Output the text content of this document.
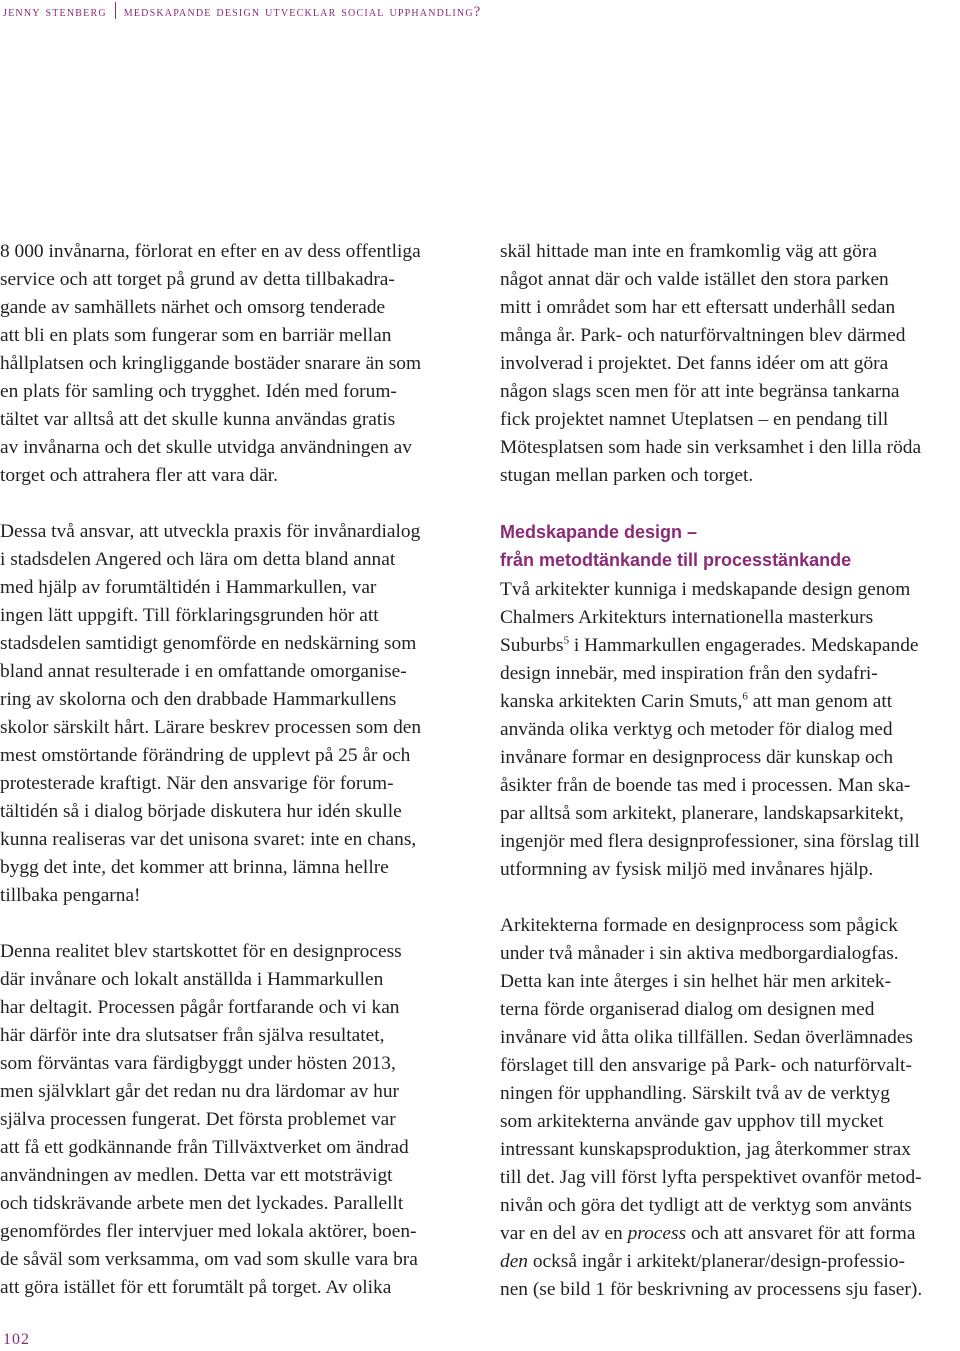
jenny stenberg medskapande design utvecklar social upphandling?

8 000 invånarna, förlorat en efter en av dess offentliga
service och att torget på grund av detta tillbakadra-
gande av samhällets närhet och omsorg tenderade
att bli en plats som fungerar som en barriär mellan
hållplatsen och kringliggande bostäder snarare än som
en plats för samling och trygghet. Idén med forum-
tältet var alltså att det skulle kunna användas gratis
av invånarna och det skulle utvidga användningen av
torget och attrahera fler att vara där.

Dessa två ansvar, att utveckla praxis för invånardialog
i stadsdelen Angered och lära om detta bland annat
med hjälp av forumtältidén i Hammarkullen, var
ingen lätt uppgift. Till förklaringsgrunden hör att
stadsdelen samtidigt genomförde en nedskärning som
bland annat resulterade i en omfattande omorganise-
ring av skolorna och den drabbade Hammarkullens
skolor särskilt hårt. Lärare beskrev processen som den
mest omstörtande förändring de upplevt på 25 år och
protesterade kraftigt. När den ansvarige för forum-
tältidén så i dialog började diskutera hur idén skulle
kunna realiseras var det unisona svaret: inte en chans,
bygg det inte, det kommer att brinna, lämna hellre
tillbaka pengarna!

Denna realitet blev startskottet för en designprocess
där invånare och lokalt anställda i Hammarkullen
har deltagit. Processen pågår fortfarande och vi kan
här därför inte dra slutsatser från själva resultatet,
som förväntas vara färdigbyggt under hösten 2013,
men självklart går det redan nu dra lärdomar av hur
själva processen fungerat. Det första problemet var
att få ett godkännande från Tillväxtverket om ändrad
användningen av medlen. Detta var ett motsträvigt
och tidskrävande arbete men det lyckades. Parallellt
genomfördes fler intervjuer med lokala aktörer, boen-
de såväl som verksamma, om vad som skulle vara bra
att göra istället för ett forumtält på torget. Av olika

skäl hittade man inte en framkomlig väg att göra
något annat där och valde istället den stora parken
mitt i området som har ett eftersatt underhåll sedan
många år. Park- och naturförvaltningen blev därmed
involverad i projektet. Det fanns idéer om att göra
någon slags scen men för att inte begränsa tankarna
fick projektet namnet Uteplatsen – en pendang till
Mötesplatsen som hade sin verksamhet i den lilla röda
stugan mellan parken och torget.

Medskapande design –
från metodtänkande till processtänkande

Två arkitekter kunniga i medskapande design genom
Chalmers Arkitekturs internationella masterkurs
Suburbs$^5$ i Hammarkullen engagerades. Medskapande
design innebär, med inspiration från den sydafri-
kanska arkitekten Carin Smuts,$^6$ att man genom att
använda olika verktyg och metoder för dialog med
invånare formar en designprocess där kunskap och
åsikter från de boende tas med i processen. Man ska-
par alltså som arkitekt, planerare, landskapsarkitekt,
ingenjör med flera designprofessioner, sina förslag till
utformning av fysisk miljö med invånares hjälp.

Arkitekterna formade en designprocess som pågick
under två månader i sin aktiva medborgardialogfas.
Detta kan inte återges i sin helhet här men arkitek-
terna förde organiserad dialog om designen med
invånare vid åtta olika tillfällen. Sedan överlämnades
förslaget till den ansvarige på Park- och naturförvalt-
ningen för upphandling. Särskilt två av de verktyg
som arkitekterna använde gav upphov till mycket
intressant kunskapsproduktion, jag återkommer strax
till det. Jag vill först lyfta perspektivet ovanför metod-
nivån och göra det tydligt att de verktyg som använts
var en del av en process och att ansvaret för att forma
den också ingår i arkitekt/planerar/design-professio-
nen (se bild 1 för beskrivning av processens sju faser).

102
